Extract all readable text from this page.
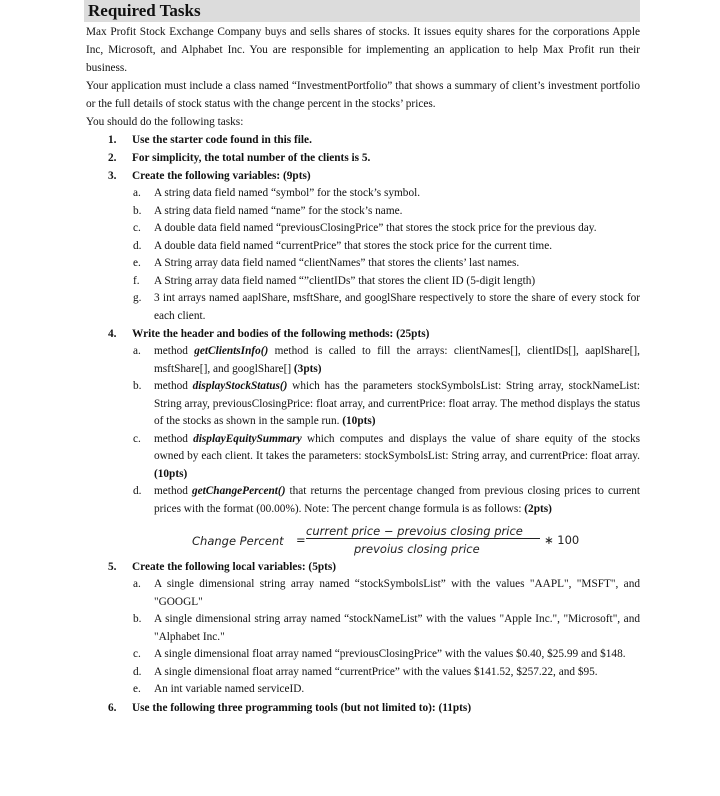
Required Tasks

Max Profit Stock Exchange Company buys and sells shares of stocks. It issues equity shares for the corporations Apple Inc, Microsoft, and Alphabet Inc. You are responsible for implementing an application to help Max Profit run their business.

Your application must include a class named “InvestmentPortfolio” that shows a summary of client’s investment portfolio or the full details of stock status with the change percent in the stocks’ prices.

You should do the following tasks:

1. Use the starter code found in this file.
2. For simplicity, the total number of the clients is 5.
3. Create the following variables: (9pts)
a. A string data field named “symbol” for the stock’s symbol.
b. A string data field named “name” for the stock’s name.
c. A double data field named “previousClosingPrice” that stores the stock price for the previous day.
d. A double data field named “currentPrice” that stores the stock price for the current time.
e. A String array data field named “clientNames” that stores the clients’ last names.
f. A String array data field named “”clientIDs” that stores the client ID (5-digit length)
g. 3 int arrays named aaplShare, msftShare, and googlShare respectively to store the share of every stock for each client.
4. Write the header and bodies of the following methods: (25pts)
a. method getClientsInfo() method is called to fill the arrays: clientNames[], clientIDs[], aaplShare[], msftShare[], and googlShare[] (3pts)
b. method displayStockStatus() which has the parameters stockSymbolsList: String array, stockNameList: String array, previousClosingPrice: float array, and currentPrice: float array. The method displays the status of the stocks as shown in the sample run. (10pts)
c. method displayEquitySummary which computes and displays the value of share equity of the stocks owned by each client. It takes the parameters: stockSymbolsList: String array, and currentPrice: float array. (10pts)
d. method getChangePercent() that returns the percentage changed from previous closing prices to current prices with the format (00.00%). Note: The percent change formula is as follows: (2pts)
Change Percent =
current price − prevoius closing price
prevoius closing price
∗ 100
5. Create the following local variables: (5pts)
a. A single dimensional string array named “stockSymbolsList” with the values "AAPL", "MSFT", and "GOOGL"
b. A single dimensional string array named “stockNameList” with the values "Apple Inc.", "Microsoft", and "Alphabet Inc."
c. A single dimensional float array named “previousClosingPrice” with the values $0.40, $25.99 and $148.
d. A single dimensional float array named “currentPrice” with the values $141.52, $257.22, and $95.
e. An int variable named serviceID.
6. Use the following three programming tools (but not limited to): (11pts)
